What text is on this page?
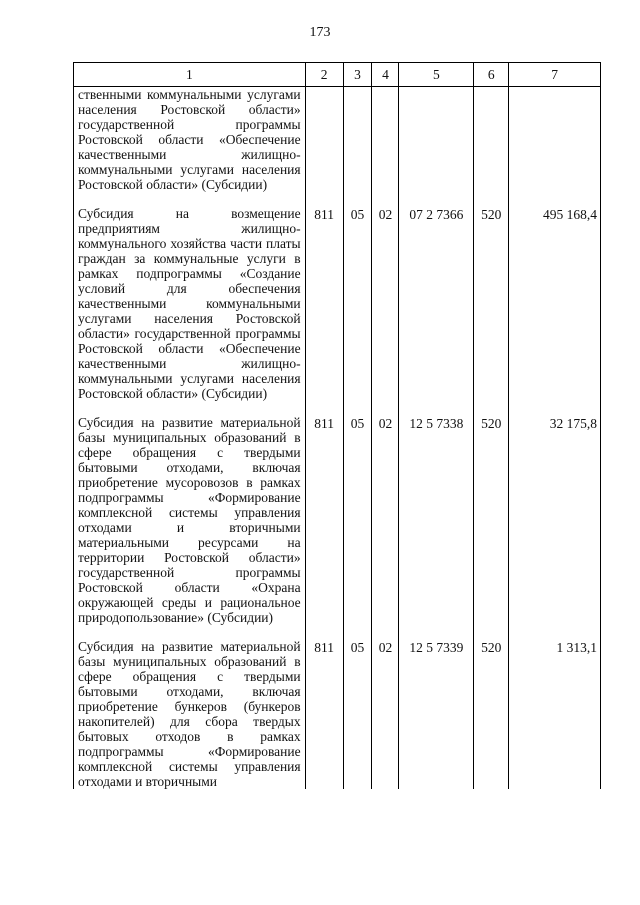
173
1	2	3	4	5	6	7
ственными коммунальными услугами населения Ростовской области» государственной программы Ростовской области «Обеспечение качественными жилищно-коммунальными услугами населения Ростовской области» (Субсидии)						

Субсидия на возмещение предприятиям жилищно-коммунального хозяйства части платы граждан за коммунальные услуги в рамках подпрограммы «Создание условий для обеспечения качественными коммунальными услугами населения Ростовской области» государственной программы Ростовской области «Обеспечение качественными жилищно-коммунальными услугами населения Ростовской области» (Субсидии)	811	05	02	07 2 7366	520	495 168,4

Субсидия на развитие материальной базы муниципальных образований в сфере обращения с твердыми бытовыми отходами, включая приобретение мусоровозов в рамках подпрограммы «Формирование комплексной системы управления отходами и вторичными материальными ресурсами на территории Ростовской области» государственной программы Ростовской области «Охрана окружающей среды и рациональное природопользование» (Субсидии)	811	05	02	12 5 7338	520	32 175,8

Субсидия на развитие материальной базы муниципальных образований в сфере обращения с твердыми бытовыми отходами, включая приобретение бункеров (бункеров накопителей) для сбора твердых бытовых отходов в рамках подпрограммы «Формирование комплексной системы управления отходами и вторичными	811	05	02	12 5 7339	520	1 313,1
